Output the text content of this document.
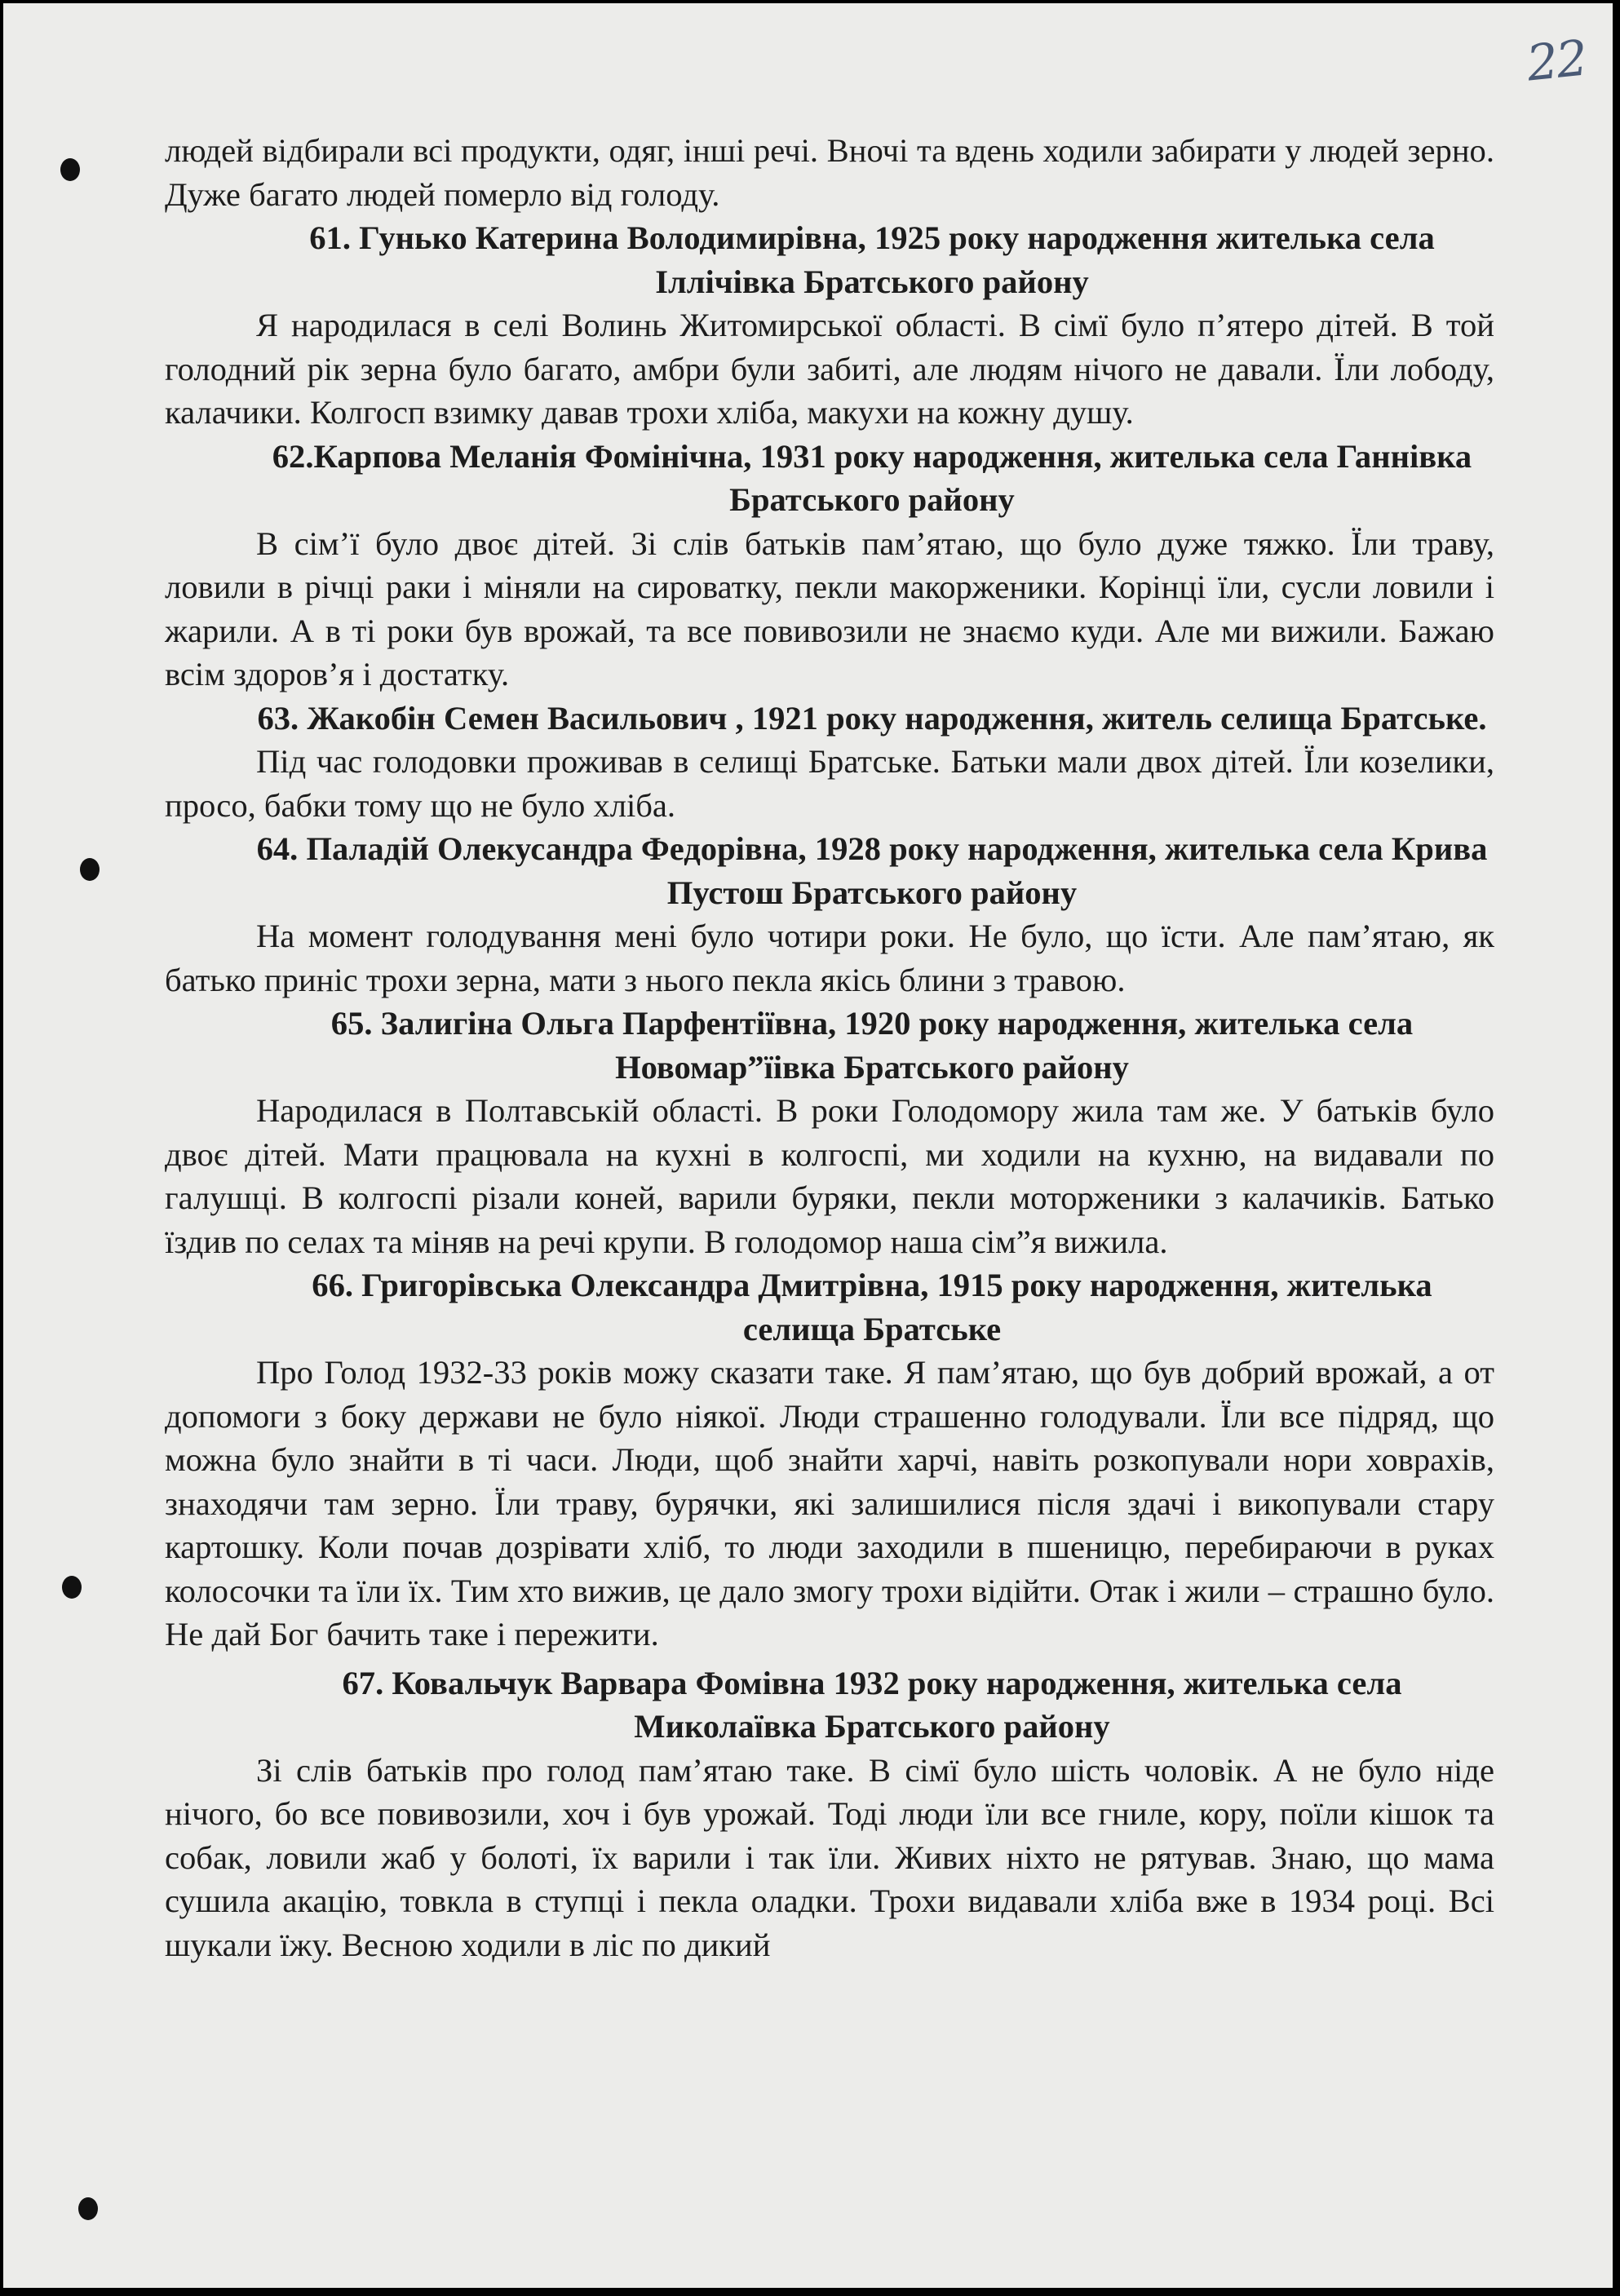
22

людей відбирали всі продукти, одяг, інші речі. Вночі та вдень ходили забирати у людей зерно. Дуже багато людей померло від голоду.

61. Гунько Катерина Володимирівна, 1925 року народження жителька села Іллічівка Братського району

Я народилася в селі Волинь Житомирської області. В сімї було п’ятеро дітей. В той голодний рік зерна було багато, амбри були забиті, але людям нічого не давали. Їли лободу, калачики. Колгосп взимку давав трохи хліба, макухи на кожну душу.

62.Карпова Меланія Фомінічна, 1931 року народження, жителька села Ганнівка Братського району

В сім’ї було двоє дітей. Зі слів батьків пам’ятаю, що було дуже тяжко. Їли траву, ловили в річці раки і міняли на сироватку, пекли макорженики. Корінці їли, сусли ловили і жарили. А в ті роки був врожай, та все повивозили не знаємо куди. Але ми вижили. Бажаю всім здоров’я і достатку.

63. Жакобін Семен Васильович , 1921 року народження, житель селища Братське.

Під час голодовки проживав в селищі Братське. Батьки мали двох дітей. Їли козелики, просо, бабки тому що не було хліба.

64. Паладій Олекусандра Федорівна, 1928 року народження, жителька села Крива Пустош Братського району

На момент голодування мені було чотири роки. Не було, що їсти. Але пам’ятаю, як батько приніс трохи зерна, мати з нього пекла якісь блини з травою.

65. Залигіна Ольга Парфентіївна, 1920 року народження, жителька села Новомар”їівка Братського району

Народилася в Полтавській області. В роки Голодомору жила там же. У батьків було двоє дітей. Мати працювала на кухні в колгоспі, ми ходили на кухню, на видавали по галушці. В колгоспі різали коней, варили буряки, пекли моторженики з калачиків. Батько їздив по селах та міняв на речі крупи. В голодомор наша сім”я вижила.

66. Григорівська Олександра Дмитрівна, 1915 року народження, жителька селища Братське

Про Голод 1932-33 років можу сказати таке. Я пам’ятаю, що був добрий врожай, а от допомоги з боку держави не було ніякої. Люди страшенно голодували. Їли все підряд, що можна було знайти в ті часи. Люди, щоб знайти харчі, навіть розкопували нори ховрахів, знаходячи там зерно. Їли траву, бурячки, які залишилися після здачі і викопували стару картошку. Коли почав дозрівати хліб, то люди заходили в пшеницю, перебираючи в руках колосочки та їли їх. Тим хто вижив, це дало змогу трохи відійти. Отак і жили – страшно було. Не дай Бог бачить таке і пережити.

67. Ковальчук Варвара Фомівна 1932 року народження, жителька села Миколаївка Братського району

Зі слів батьків про голод пам’ятаю таке. В сімї було шість чоловік. А не було ніде нічого, бо все повивозили, хоч і був урожай. Тоді люди їли все гниле, кору, поїли кішок та собак, ловили жаб у болоті, їх варили і так їли. Живих ніхто не рятував. Знаю, що мама сушила акацію, товкла в ступці і пекла оладки. Трохи видавали хліба вже в 1934 році. Всі шукали їжу. Весною ходили в ліс по дикий
